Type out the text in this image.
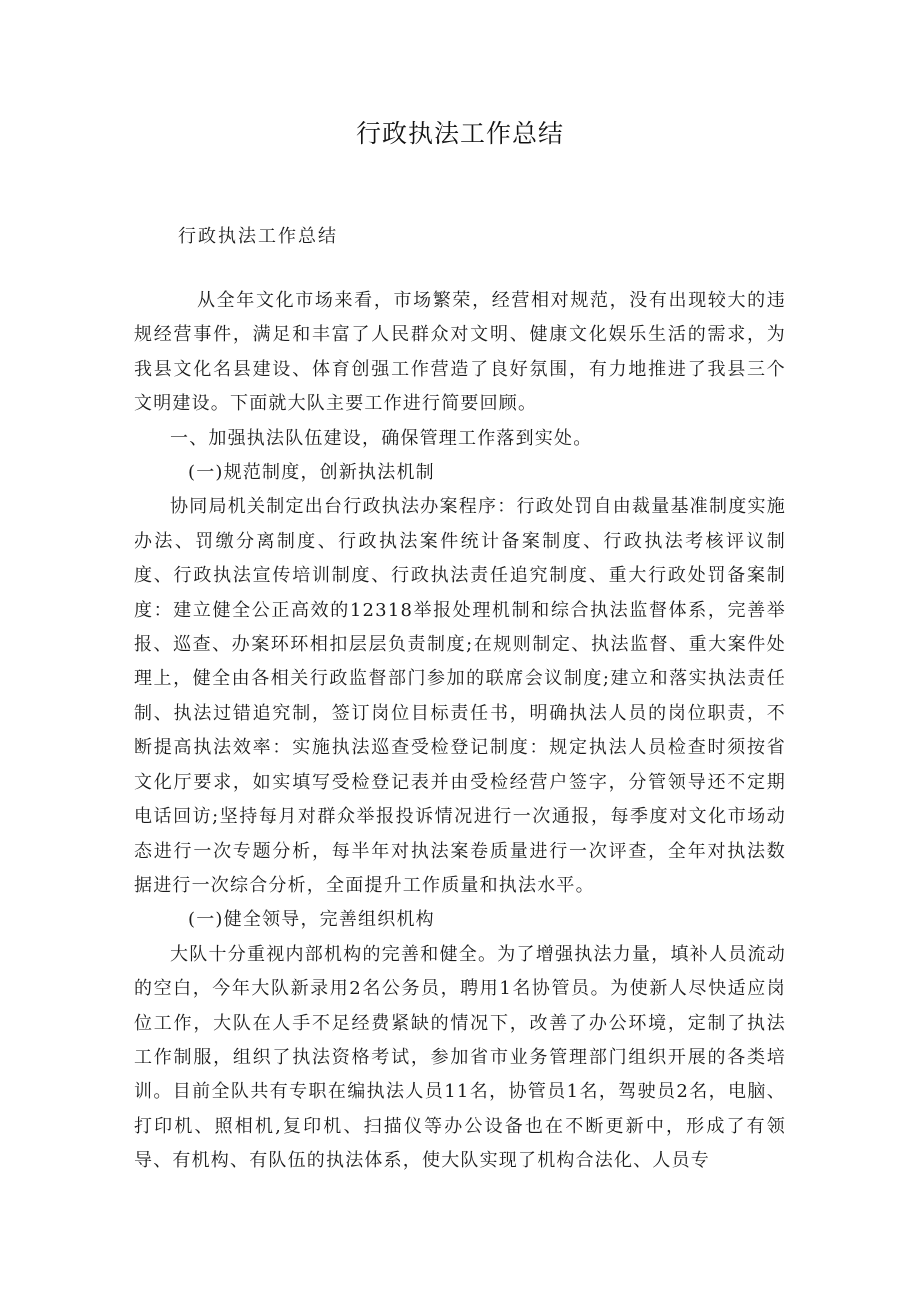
行政执法工作总结

行政执法工作总结

从全年文化市场来看，市场繁荣，经营相对规范，没有出现较大的违规经营事件，满足和丰富了人民群众对文明、健康文化娱乐生活的需求，为我县文化名县建设、体育创强工作营造了良好氛围，有力地推进了我县三个文明建设。下面就大队主要工作进行简要回顾。

一、加强执法队伍建设，确保管理工作落到实处。

(一)规范制度，创新执法机制

协同局机关制定出台行政执法办案程序：行政处罚自由裁量基准制度实施办法、罚缴分离制度、行政执法案件统计备案制度、行政执法考核评议制度、行政执法宣传培训制度、行政执法责任追究制度、重大行政处罚备案制度：建立健全公正高效的12318举报处理机制和综合执法监督体系，完善举报、巡查、办案环环相扣层层负责制度;在规则制定、执法监督、重大案件处理上，健全由各相关行政监督部门参加的联席会议制度;建立和落实执法责任制、执法过错追究制，签订岗位目标责任书，明确执法人员的岗位职责，不断提高执法效率：实施执法巡查受检登记制度：规定执法人员检查时须按省文化厅要求，如实填写受检登记表并由受检经营户签字，分管领导还不定期电话回访;坚持每月对群众举报投诉情况进行一次通报，每季度对文化市场动态进行一次专题分析，每半年对执法案卷质量进行一次评查，全年对执法数据进行一次综合分析，全面提升工作质量和执法水平。

(一)健全领导，完善组织机构

大队十分重视内部机构的完善和健全。为了增强执法力量，填补人员流动的空白，今年大队新录用2名公务员，聘用1名协管员。为使新人尽快适应岗位工作，大队在人手不足经费紧缺的情况下，改善了办公环境，定制了执法工作制服，组织了执法资格考试，参加省市业务管理部门组织开展的各类培训。目前全队共有专职在编执法人员11名，协管员1名，驾驶员2名，电脑、打印机、照相机,复印机、扫描仪等办公设备也在不断更新中，形成了有领导、有机构、有队伍的执法体系，使大队实现了机构合法化、人员专
